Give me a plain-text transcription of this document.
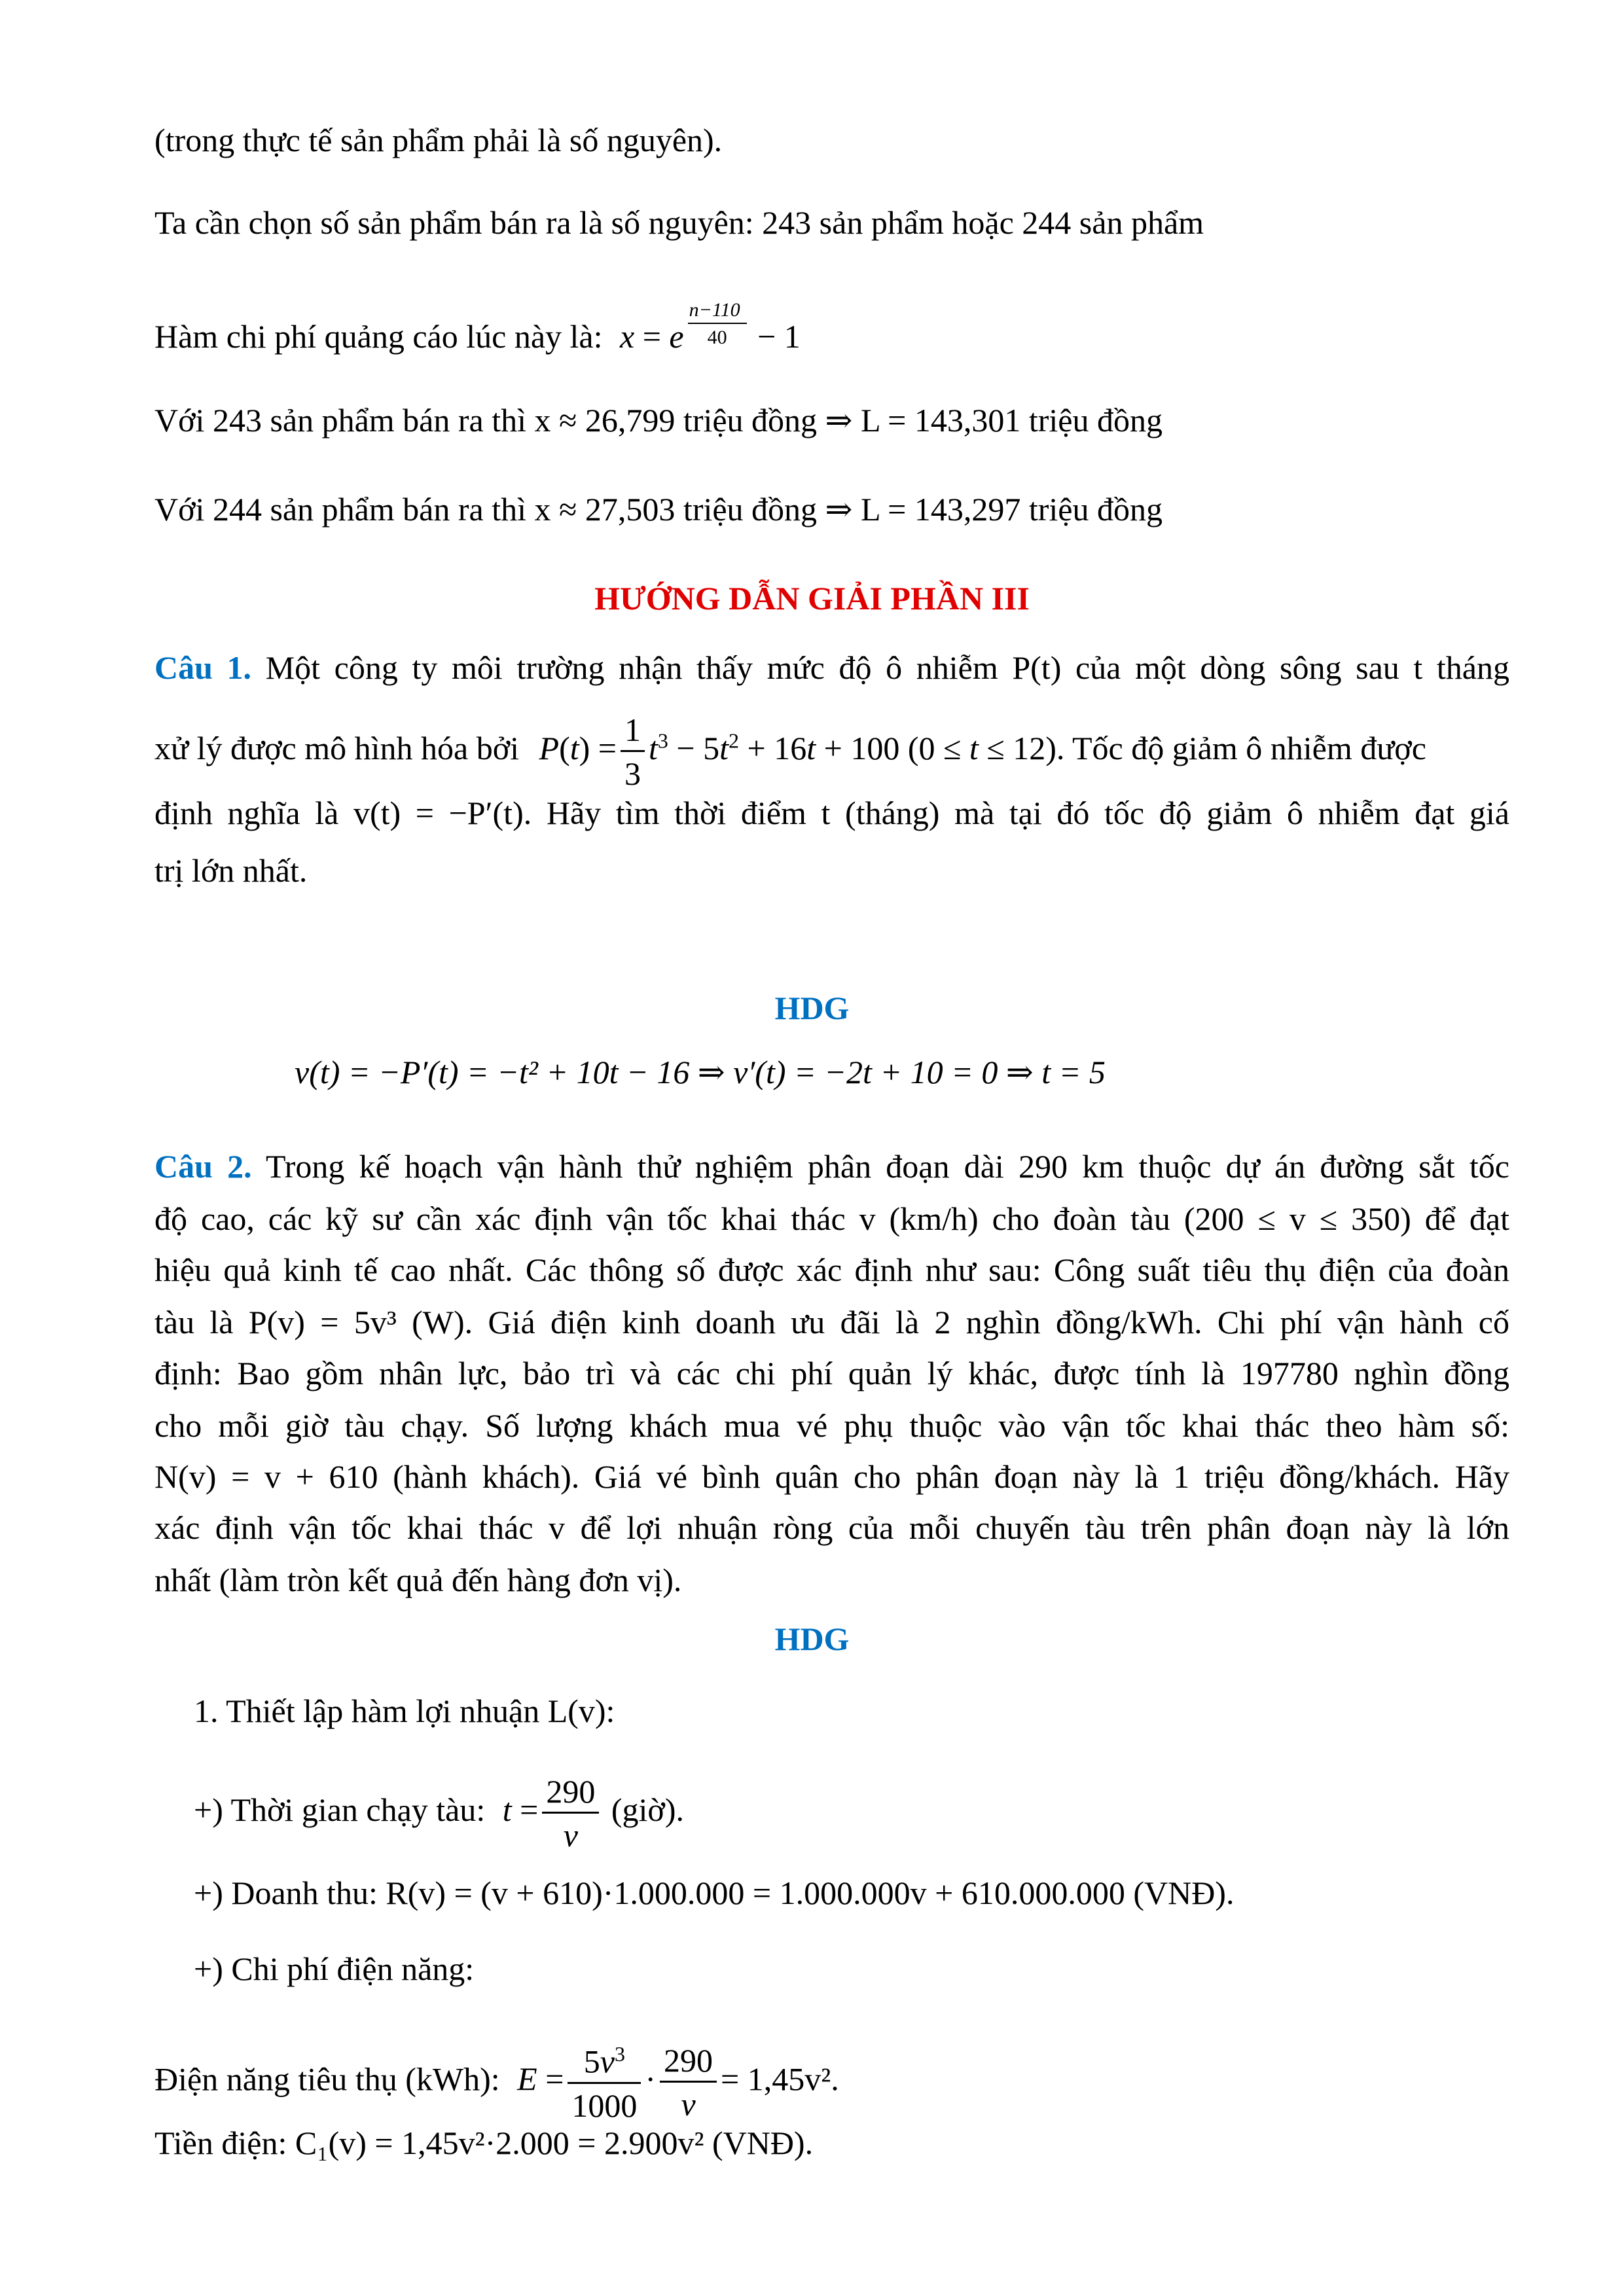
(trong thực tế sản phẩm phải là số nguyên).
Ta cần chọn số sản phẩm bán ra là số nguyên: 243 sản phẩm hoặc 244 sản phẩm
Hàm chi phí quảng cáo lúc này là: x = e $\frac{n-110}{40} - 1$
Với 243 sản phẩm bán ra thì x ≈ 26,799 triệu đồng ⇒ L = 143,301 triệu đồng
Với 244 sản phẩm bán ra thì x ≈ 27,503 triệu đồng ⇒ L = 143,297 triệu đồng
HƯỚNG DẪN GIẢI PHẦN III
Câu 1. Một công ty môi trường nhận thấy mức độ ô nhiễm P(t) của một dòng sông sau t tháng
xử lý được mô hình hóa bởi $P(t) = \frac{1}{3} t^3 - 5t^2 + 16t + 100$ (0 ≤ t ≤ 12). Tốc độ giảm ô nhiễm được
định nghĩa là v(t) = −P′(t). Hãy tìm thời điểm t (tháng) mà tại đó tốc độ giảm ô nhiễm đạt giá
trị lớn nhất.
HDG
v(t) = −P′(t) = −t² + 10t − 16 ⇒ v′(t) = −2t + 10 = 0 ⇒ t = 5
Câu 2. Trong kế hoạch vận hành thử nghiệm phân đoạn dài 290 km thuộc dự án đường sắt tốc
độ cao, các kỹ sư cần xác định vận tốc khai thác v (km/h) cho đoàn tàu (200 ≤ v ≤ 350) để đạt
hiệu quả kinh tế cao nhất. Các thông số được xác định như sau: Công suất tiêu thụ điện của đoàn
tàu là P(v) = 5v³ (W). Giá điện kinh doanh ưu đãi là 2 nghìn đồng/kWh. Chi phí vận hành cố
định: Bao gồm nhân lực, bảo trì và các chi phí quản lý khác, được tính là 197780 nghìn đồng
cho mỗi giờ tàu chạy. Số lượng khách mua vé phụ thuộc vào vận tốc khai thác theo hàm số:
N(v) = v + 610 (hành khách). Giá vé bình quân cho phân đoạn này là 1 triệu đồng/khách. Hãy
xác định vận tốc khai thác v để lợi nhuận ròng của mỗi chuyến tàu trên phân đoạn này là lớn
nhất (làm tròn kết quả đến hàng đơn vị).
HDG
1. Thiết lập hàm lợi nhuận L(v):
+) Thời gian chạy tàu: $t = \frac{290}{v}$ (giờ).
+) Doanh thu: R(v) = (v + 610)·1.000.000 = 1.000.000v + 610.000.000 (VNĐ).
+) Chi phí điện năng:
Điện năng tiêu thụ (kWh): $E = \frac{5v^3}{1000} \cdot \frac{290}{v} = 1,45v^2$.
Tiền điện: C₁(v) = 1,45v²·2.000 = 2.900v² (VNĐ).
